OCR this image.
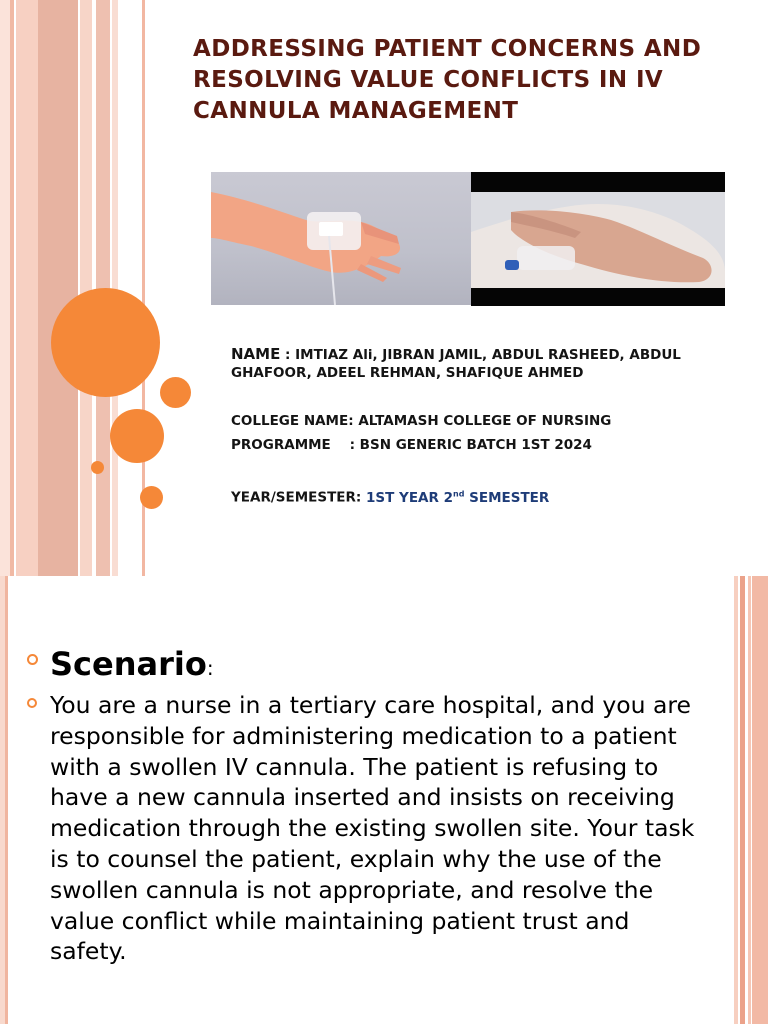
ADDRESSING PATIENT CONCERNS AND RESOLVING VALUE CONFLICTS IN IV CANNULA MANAGEMENT

NAME : IMTIAZ Ali, JIBRAN JAMIL, ABDUL RASHEED, ABDUL GHAFOOR, ADEEL REHMAN, SHAFIQUE AHMED

COLLEGE NAME: ALTAMASH COLLEGE OF NURSING

PROGRAMME    : BSN GENERIC BATCH 1ST 2024

YEAR/SEMESTER: 1ST YEAR 2nd SEMESTER

Scenario:

You are a nurse in a tertiary care hospital, and you are responsible for administering medication to a patient with a swollen IV cannula. The patient is refusing to have a new cannula inserted and insists on receiving medication through the existing swollen site. Your task is to counsel the patient, explain why the use of the swollen cannula is not appropriate, and resolve the value conflict while maintaining patient trust and safety.
